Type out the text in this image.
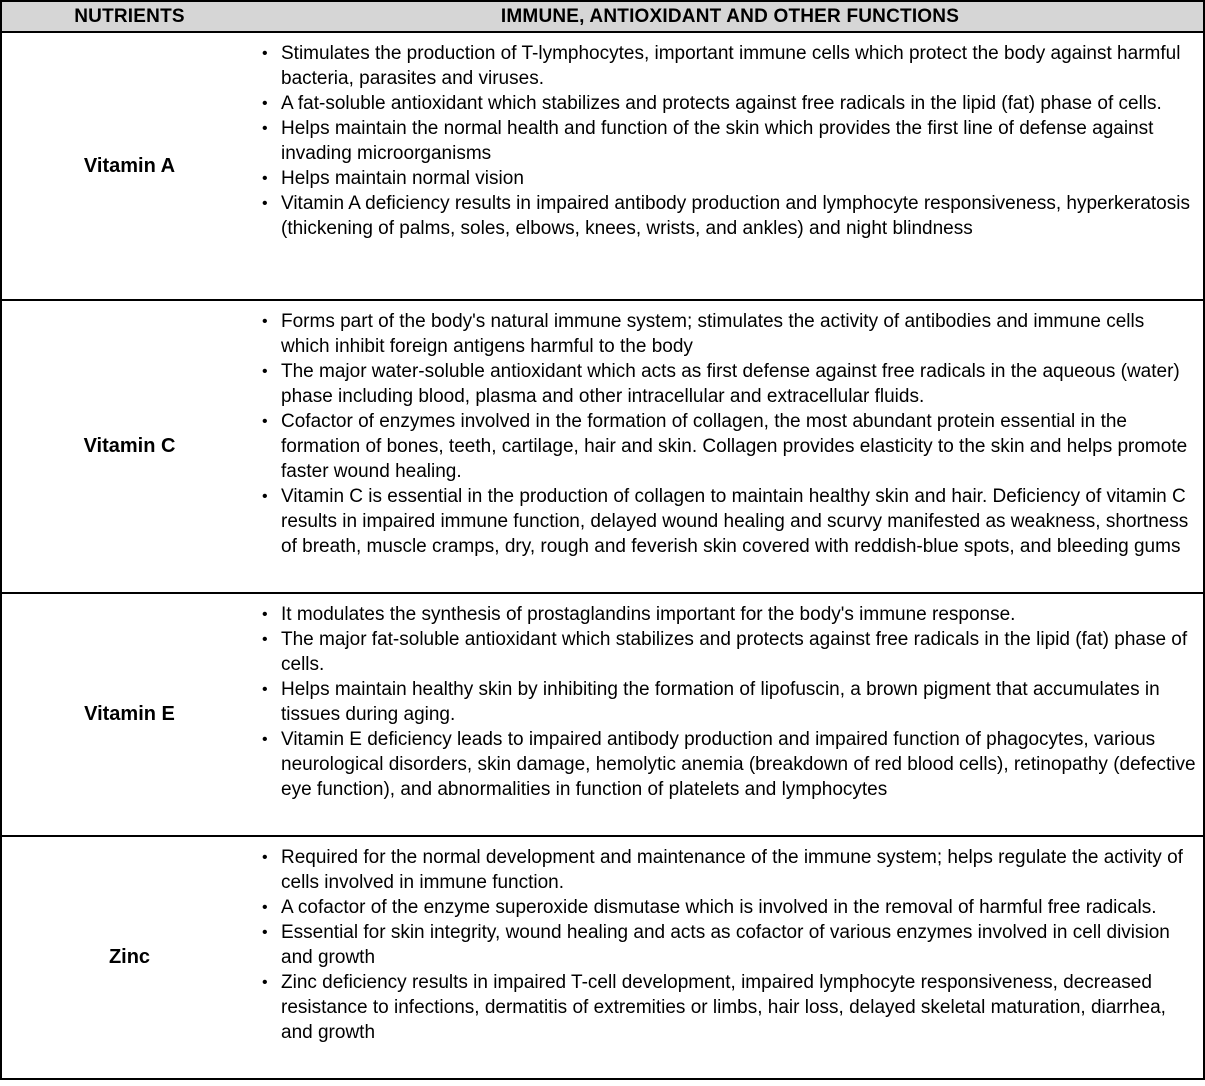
NUTRIENTS	IMMUNE, ANTIOXIDANT AND OTHER FUNCTIONS
Vitamin A
• Stimulates the production of T-lymphocytes, important immune cells which protect the body against harmful bacteria, parasites and viruses.
• A fat-soluble antioxidant which stabilizes and protects against free radicals in the lipid (fat) phase of cells.
• Helps maintain the normal health and function of the skin which provides the first line of defense against invading microorganisms
• Helps maintain normal vision
• Vitamin A deficiency results in impaired antibody production and lymphocyte responsiveness, hyperkeratosis (thickening of palms, soles, elbows, knees, wrists, and ankles) and night blindness
Vitamin C
• Forms part of the body's natural immune system; stimulates the activity of antibodies and immune cells which inhibit foreign antigens harmful to the body
• The major water-soluble antioxidant which acts as first defense against free radicals in the aqueous (water) phase including blood, plasma and other intracellular and extracellular fluids.
• Cofactor of enzymes involved in the formation of collagen, the most abundant protein essential in the formation of bones, teeth, cartilage, hair and skin. Collagen provides elasticity to the skin and helps promote faster wound healing.
• Vitamin C is essential in the production of collagen to maintain healthy skin and hair. Deficiency of vitamin C results in impaired immune function, delayed wound healing and scurvy manifested as weakness, shortness of breath, muscle cramps, dry, rough and feverish skin covered with reddish-blue spots, and bleeding gums
Vitamin E
• It modulates the synthesis of prostaglandins important for the body's immune response.
• The major fat-soluble antioxidant which stabilizes and protects against free radicals in the lipid (fat) phase of cells.
• Helps maintain healthy skin by inhibiting the formation of lipofuscin, a brown pigment that accumulates in tissues during aging.
• Vitamin E deficiency leads to impaired antibody production and impaired function of phagocytes, various neurological disorders, skin damage, hemolytic anemia (breakdown of red blood cells), retinopathy (defective eye function), and abnormalities in function of platelets and lymphocytes
Zinc
• Required for the normal development and maintenance of the immune system; helps regulate the activity of cells involved in immune function.
• A cofactor of the enzyme superoxide dismutase which is involved in the removal of harmful free radicals.
• Essential for skin integrity, wound healing and acts as cofactor of various enzymes involved in cell division and growth
• Zinc deficiency results in impaired T-cell development, impaired lymphocyte responsiveness, decreased resistance to infections, dermatitis of extremities or limbs, hair loss, delayed skeletal maturation, diarrhea, and growth
